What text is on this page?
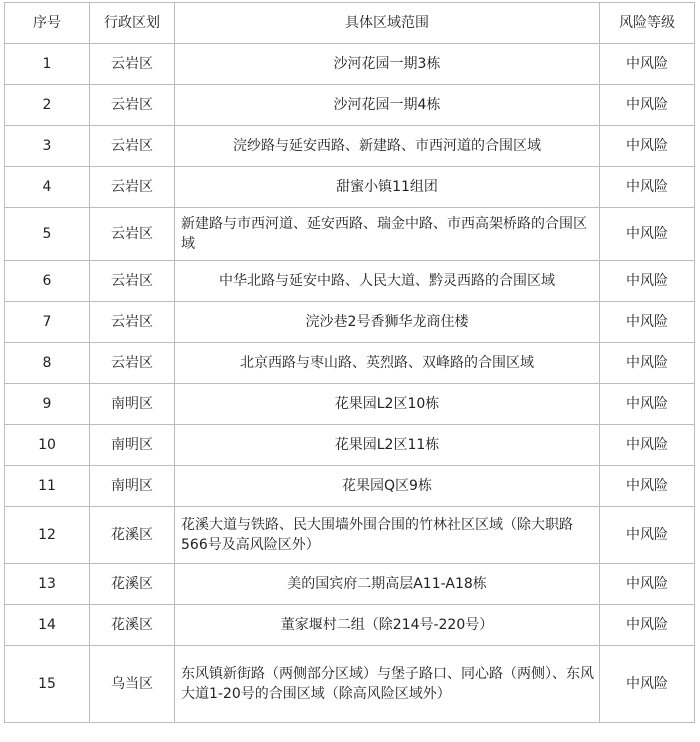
序号	行政区划	具体区域范围	风险等级
1	云岩区	沙河花园一期3栋	中风险
2	云岩区	沙河花园一期4栋	中风险
3	云岩区	浣纱路与延安西路、新建路、市西河道的合围区域	中风险
4	云岩区	甜蜜小镇11组团	中风险
5	云岩区	新建路与市西河道、延安西路、瑞金中路、市西高架桥路的合围区域	中风险
6	云岩区	中华北路与延安中路、人民大道、黔灵西路的合围区域	中风险
7	云岩区	浣沙巷2号香狮华龙商住楼	中风险
8	云岩区	北京西路与枣山路、英烈路、双峰路的合围区域	中风险
9	南明区	花果园L2区10栋	中风险
10	南明区	花果园L2区11栋	中风险
11	南明区	花果园Q区9栋	中风险
12	花溪区	花溪大道与铁路、民大围墙外围合围的竹林社区区域（除大职路566号及高风险区外）	中风险
13	花溪区	美的国宾府二期高层A11-A18栋	中风险
14	花溪区	董家堰村二组（除214号-220号）	中风险
15	乌当区	东风镇新街路（两侧部分区域）与堡子路口、同心路（两侧）、东风大道1-20号的合围区域（除高风险区域外）	中风险
